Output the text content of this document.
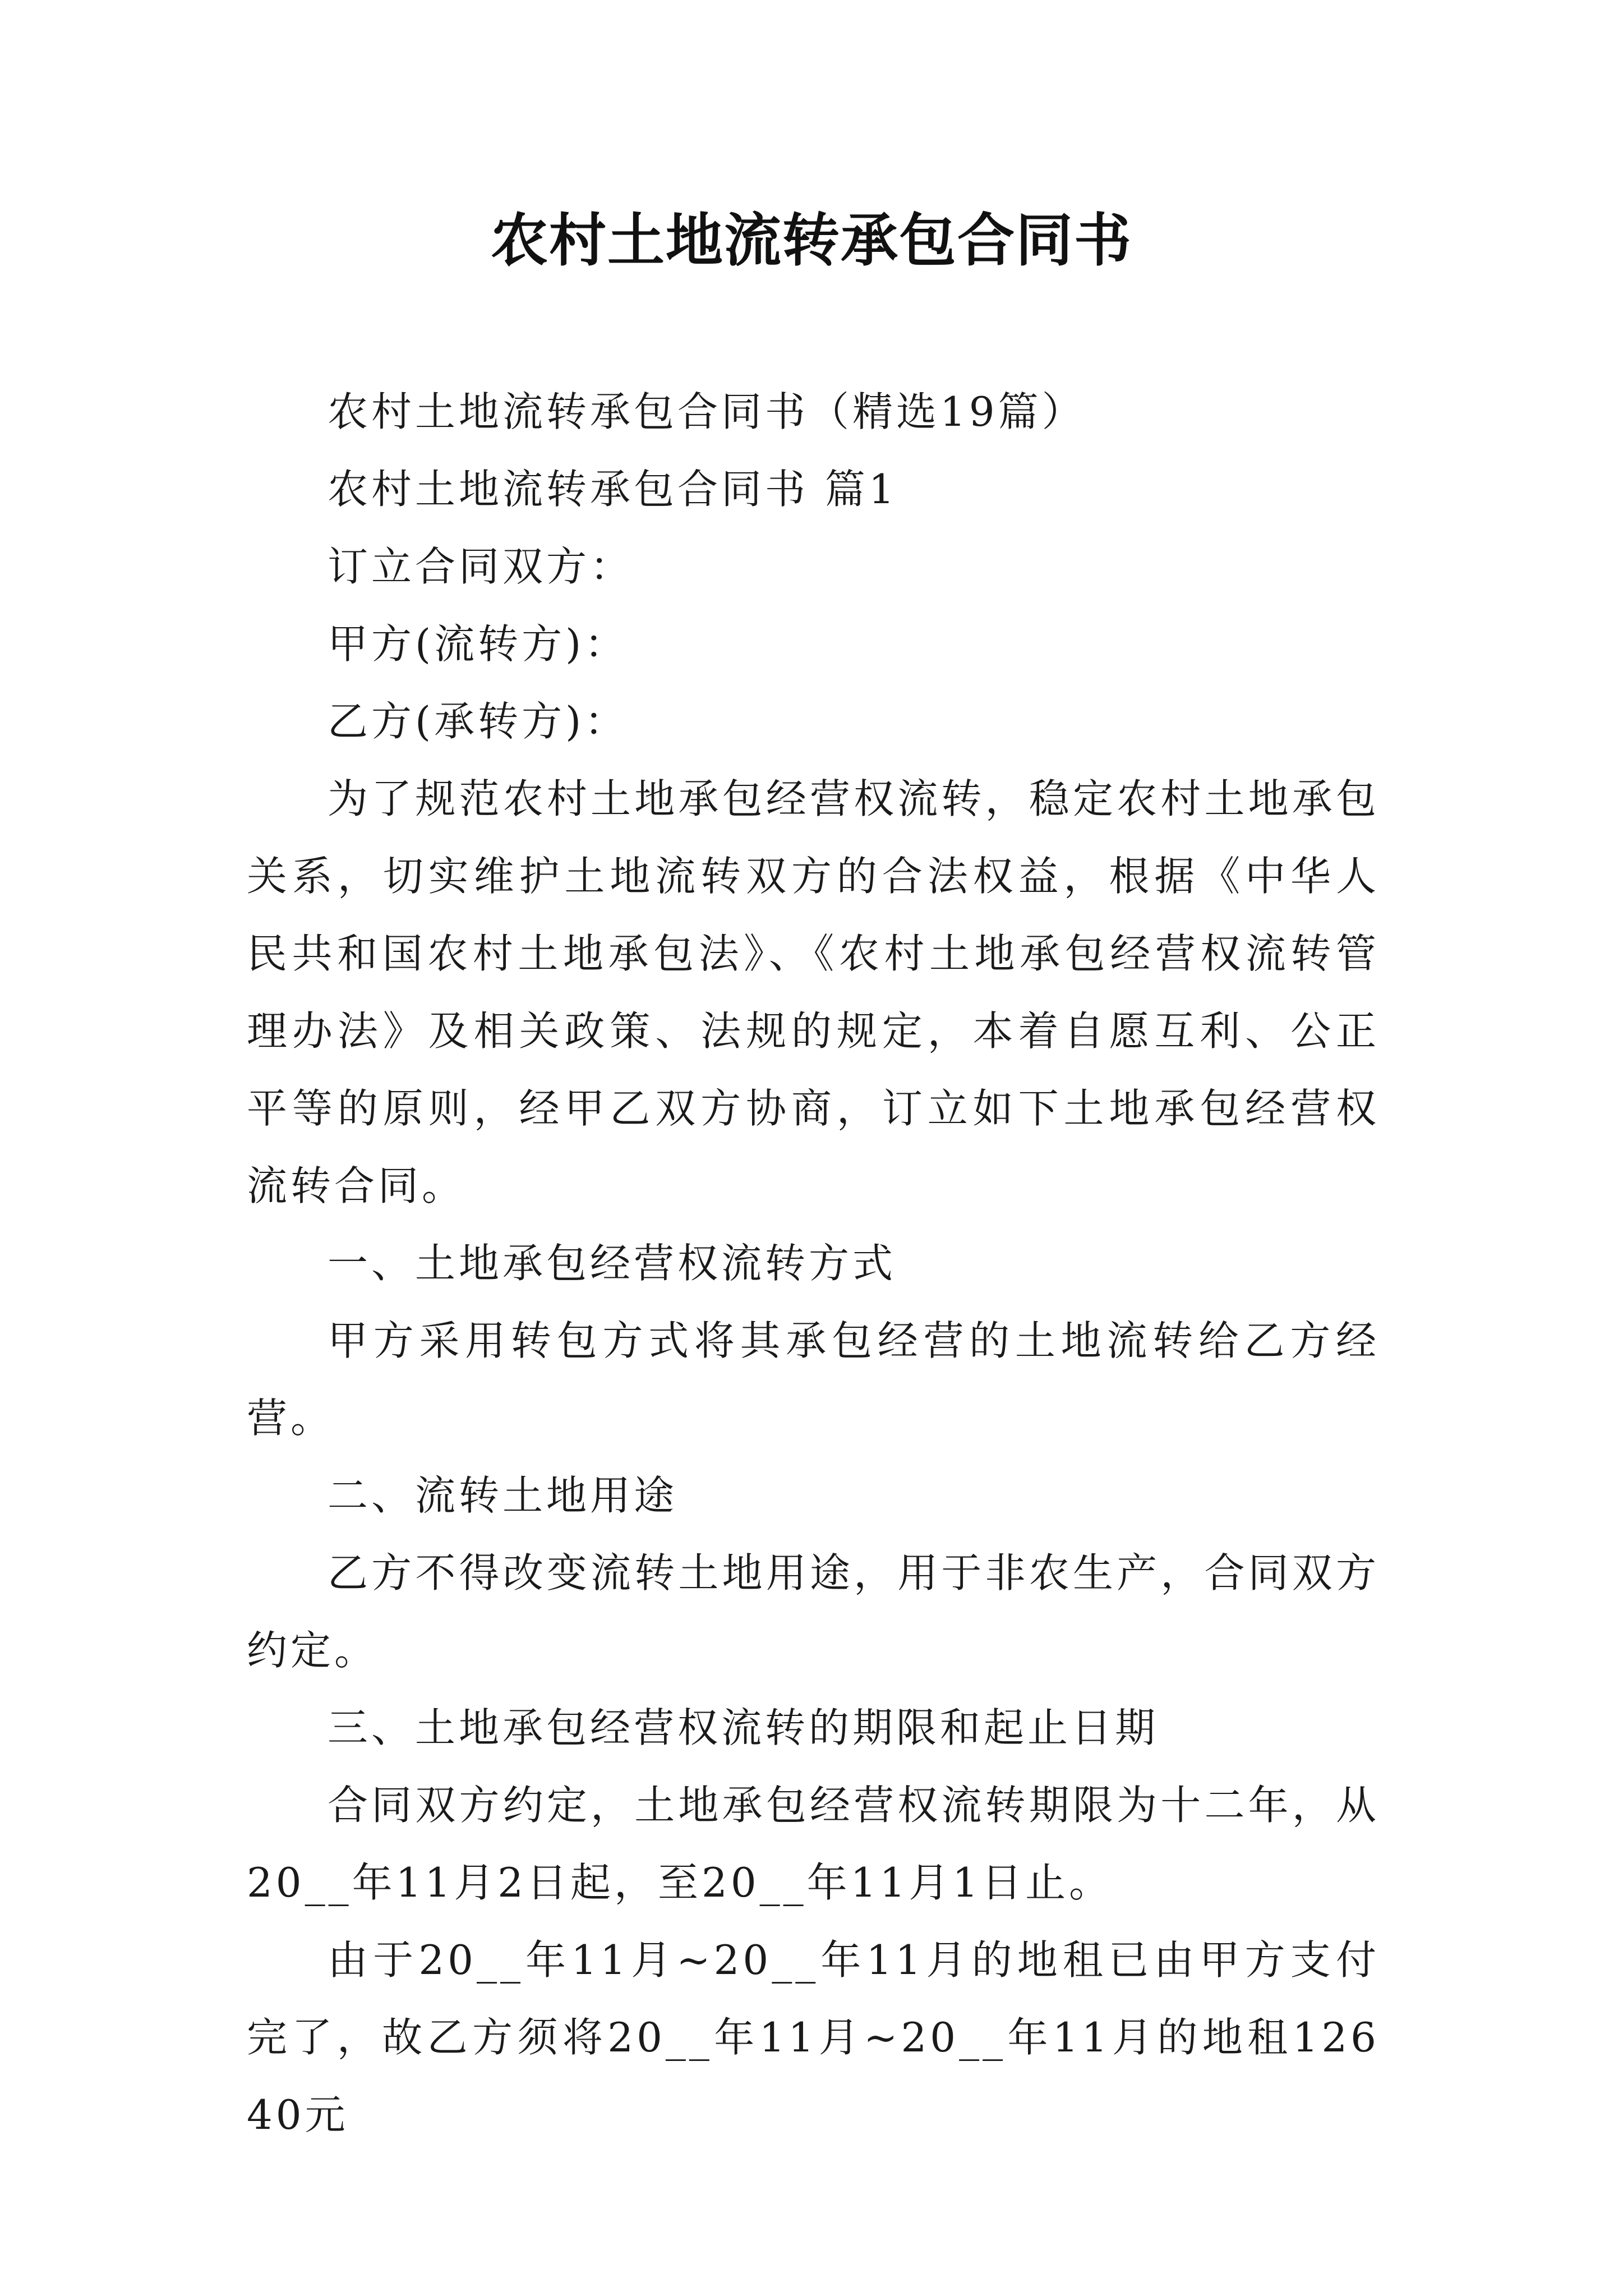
农村土地流转承包合同书

农村土地流转承包合同书（精选19篇）

农村土地流转承包合同书 篇1

订立合同双方：

甲方(流转方)：

乙方(承转方)：

为了规范农村土地承包经营权流转，稳定农村土地承包关系，切实维护土地流转双方的合法权益，根据《中华人民共和国农村土地承包法》、《农村土地承包经营权流转管理办法》及相关政策、法规的规定，本着自愿互利、公正平等的原则，经甲乙双方协商，订立如下土地承包经营权流转合同。

一、土地承包经营权流转方式

甲方采用转包方式将其承包经营的土地流转给乙方经营。

二、流转土地用途

乙方不得改变流转土地用途，用于非农生产，合同双方约定。

三、土地承包经营权流转的期限和起止日期

合同双方约定，土地承包经营权流转期限为十二年，从20__年11月2日起，至20__年11月1日止。

由于20__年11月~20__年11月的地租已由甲方支付完了，故乙方须将20__年11月~20__年11月的地租12640元
